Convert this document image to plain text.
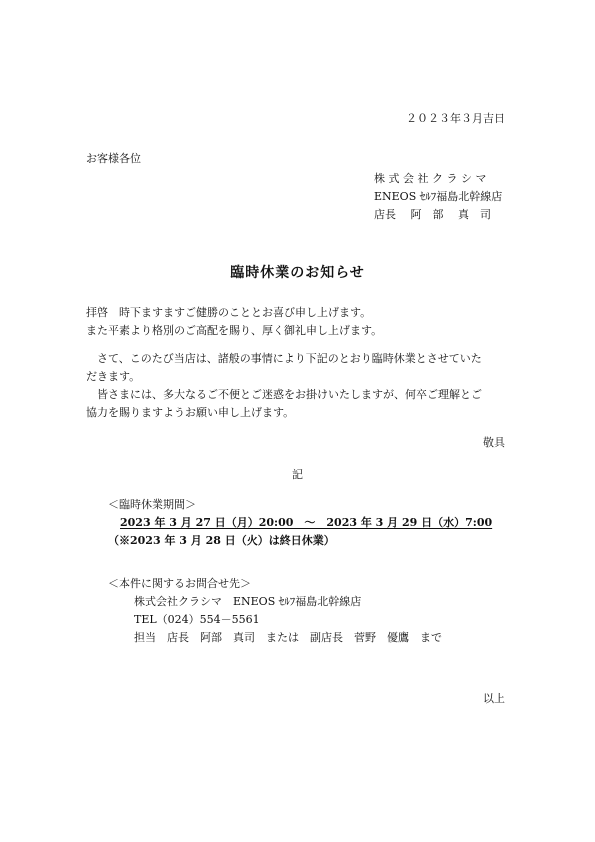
２０２３年３月吉日
お客様各位
株 式 会 社 ク ラ シ マ
ENEOS ｾﾙﾌ福島北幹線店
店長　 阿　部　 真　司
臨時休業のお知らせ
拝啓　時下ますますご健勝のこととお喜び申し上げます。
また平素より格別のご高配を賜り、厚く御礼申し上げます。
　さて、このたび当店は、諸般の事情により下記のとおり臨時休業とさせていた
だきます。
　皆さまには、多大なるご不便とご迷惑をお掛けいたしますが、何卒ご理解とご
協力を賜りますようお願い申し上げます。
敬具
記
＜臨時休業期間＞
2023 年 3 月 27 日（月）20:00　～　2023 年 3 月 29 日（水）7:00
（※2023 年 3 月 28 日（火）は終日休業）
＜本件に関するお問合せ先＞
株式会社クラシマ　ENEOS ｾﾙﾌ福島北幹線店
TEL（024）554－5561
担当　店長　阿部　真司　または　副店長　菅野　優鷹　まで
以上
